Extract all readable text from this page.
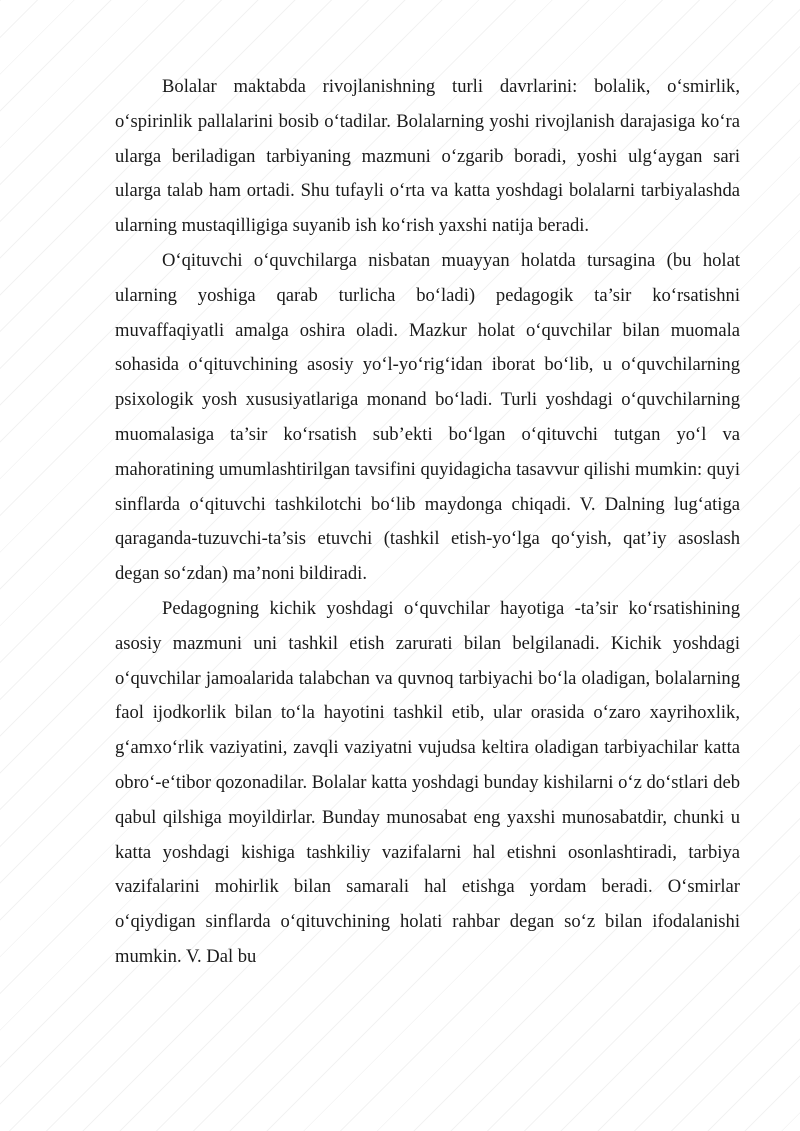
Bolalar maktabda rivojlanishning turli davrlarini: bolalik, o‘smirlik, o‘spirinlik pallalarini bosib o‘tadilar. Bolalarning yoshi rivojlanish darajasiga ko‘ra ularga beriladigan tarbiyaning mazmuni o‘zgarib boradi, yoshi ulg‘aygan sari ularga talab ham ortadi. Shu tufayli o‘rta va katta yoshdagi bolalarni tarbiyalashda ularning mustaqilligiga suyanib ish ko‘rish yaxshi natija beradi.

O‘qituvchi o‘quvchilarga nisbatan muayyan holatda tursagina (bu holat ularning yoshiga qarab turlicha bo‘ladi) pedagogik ta’sir ko‘rsatishni muvaffaqiyatli amalga oshira oladi. Mazkur holat o‘quvchilar bilan muomala sohasida o‘qituvchining asosiy yo‘l-yo‘rig‘idan iborat bo‘lib, u o‘quvchilarning psixologik yosh xususiyatlariga monand bo‘ladi. Turli yoshdagi o‘quvchilarning muomalasiga ta’sir ko‘rsatish sub’ekti bo‘lgan o‘qituvchi tutgan yo‘l va mahoratining umumlashtirilgan tavsifini quyidagicha tasavvur qilishi mumkin: quyi sinflarda o‘qituvchi tashkilotchi bo‘lib maydonga chiqadi. V. Dalning lug‘atiga qaraganda-tuzuvchi-ta’sis etuvchi (tashkil etish-yo‘lga qo‘yish, qat’iy asoslash degan so‘zdan) ma’noni bildiradi.

Pedagogning kichik yoshdagi o‘quvchilar hayotiga -ta’sir ko‘rsatishining asosiy mazmuni uni tashkil etish zarurati bilan belgilanadi. Kichik yoshdagi o‘quvchilar jamoalarida talabchan va quvnoq tarbiyachi bo‘la oladigan, bolalarning faol ijodkorlik bilan to‘la hayotini tashkil etib, ular orasida o‘zaro xayrihoxlik, g‘amxo‘rlik vaziyatini, zavqli vaziyatni vujudsa keltira oladigan tarbiyachilar katta obro‘-e‘tibor qozonadilar. Bolalar katta yoshdagi bunday kishilarni o‘z do‘stlari deb qabul qilshiga moyildirlar. Bunday munosabat eng yaxshi munosabatdir, chunki u katta yoshdagi kishiga tashkiliy vazifalarni hal etishni osonlashtiradi, tarbiya vazifalarini mohirlik bilan samarali hal etishga yordam beradi. O‘smirlar o‘qiydigan sinflarda o‘qituvchining holati rahbar degan so‘z bilan ifodalanishi mumkin. V. Dal bu
